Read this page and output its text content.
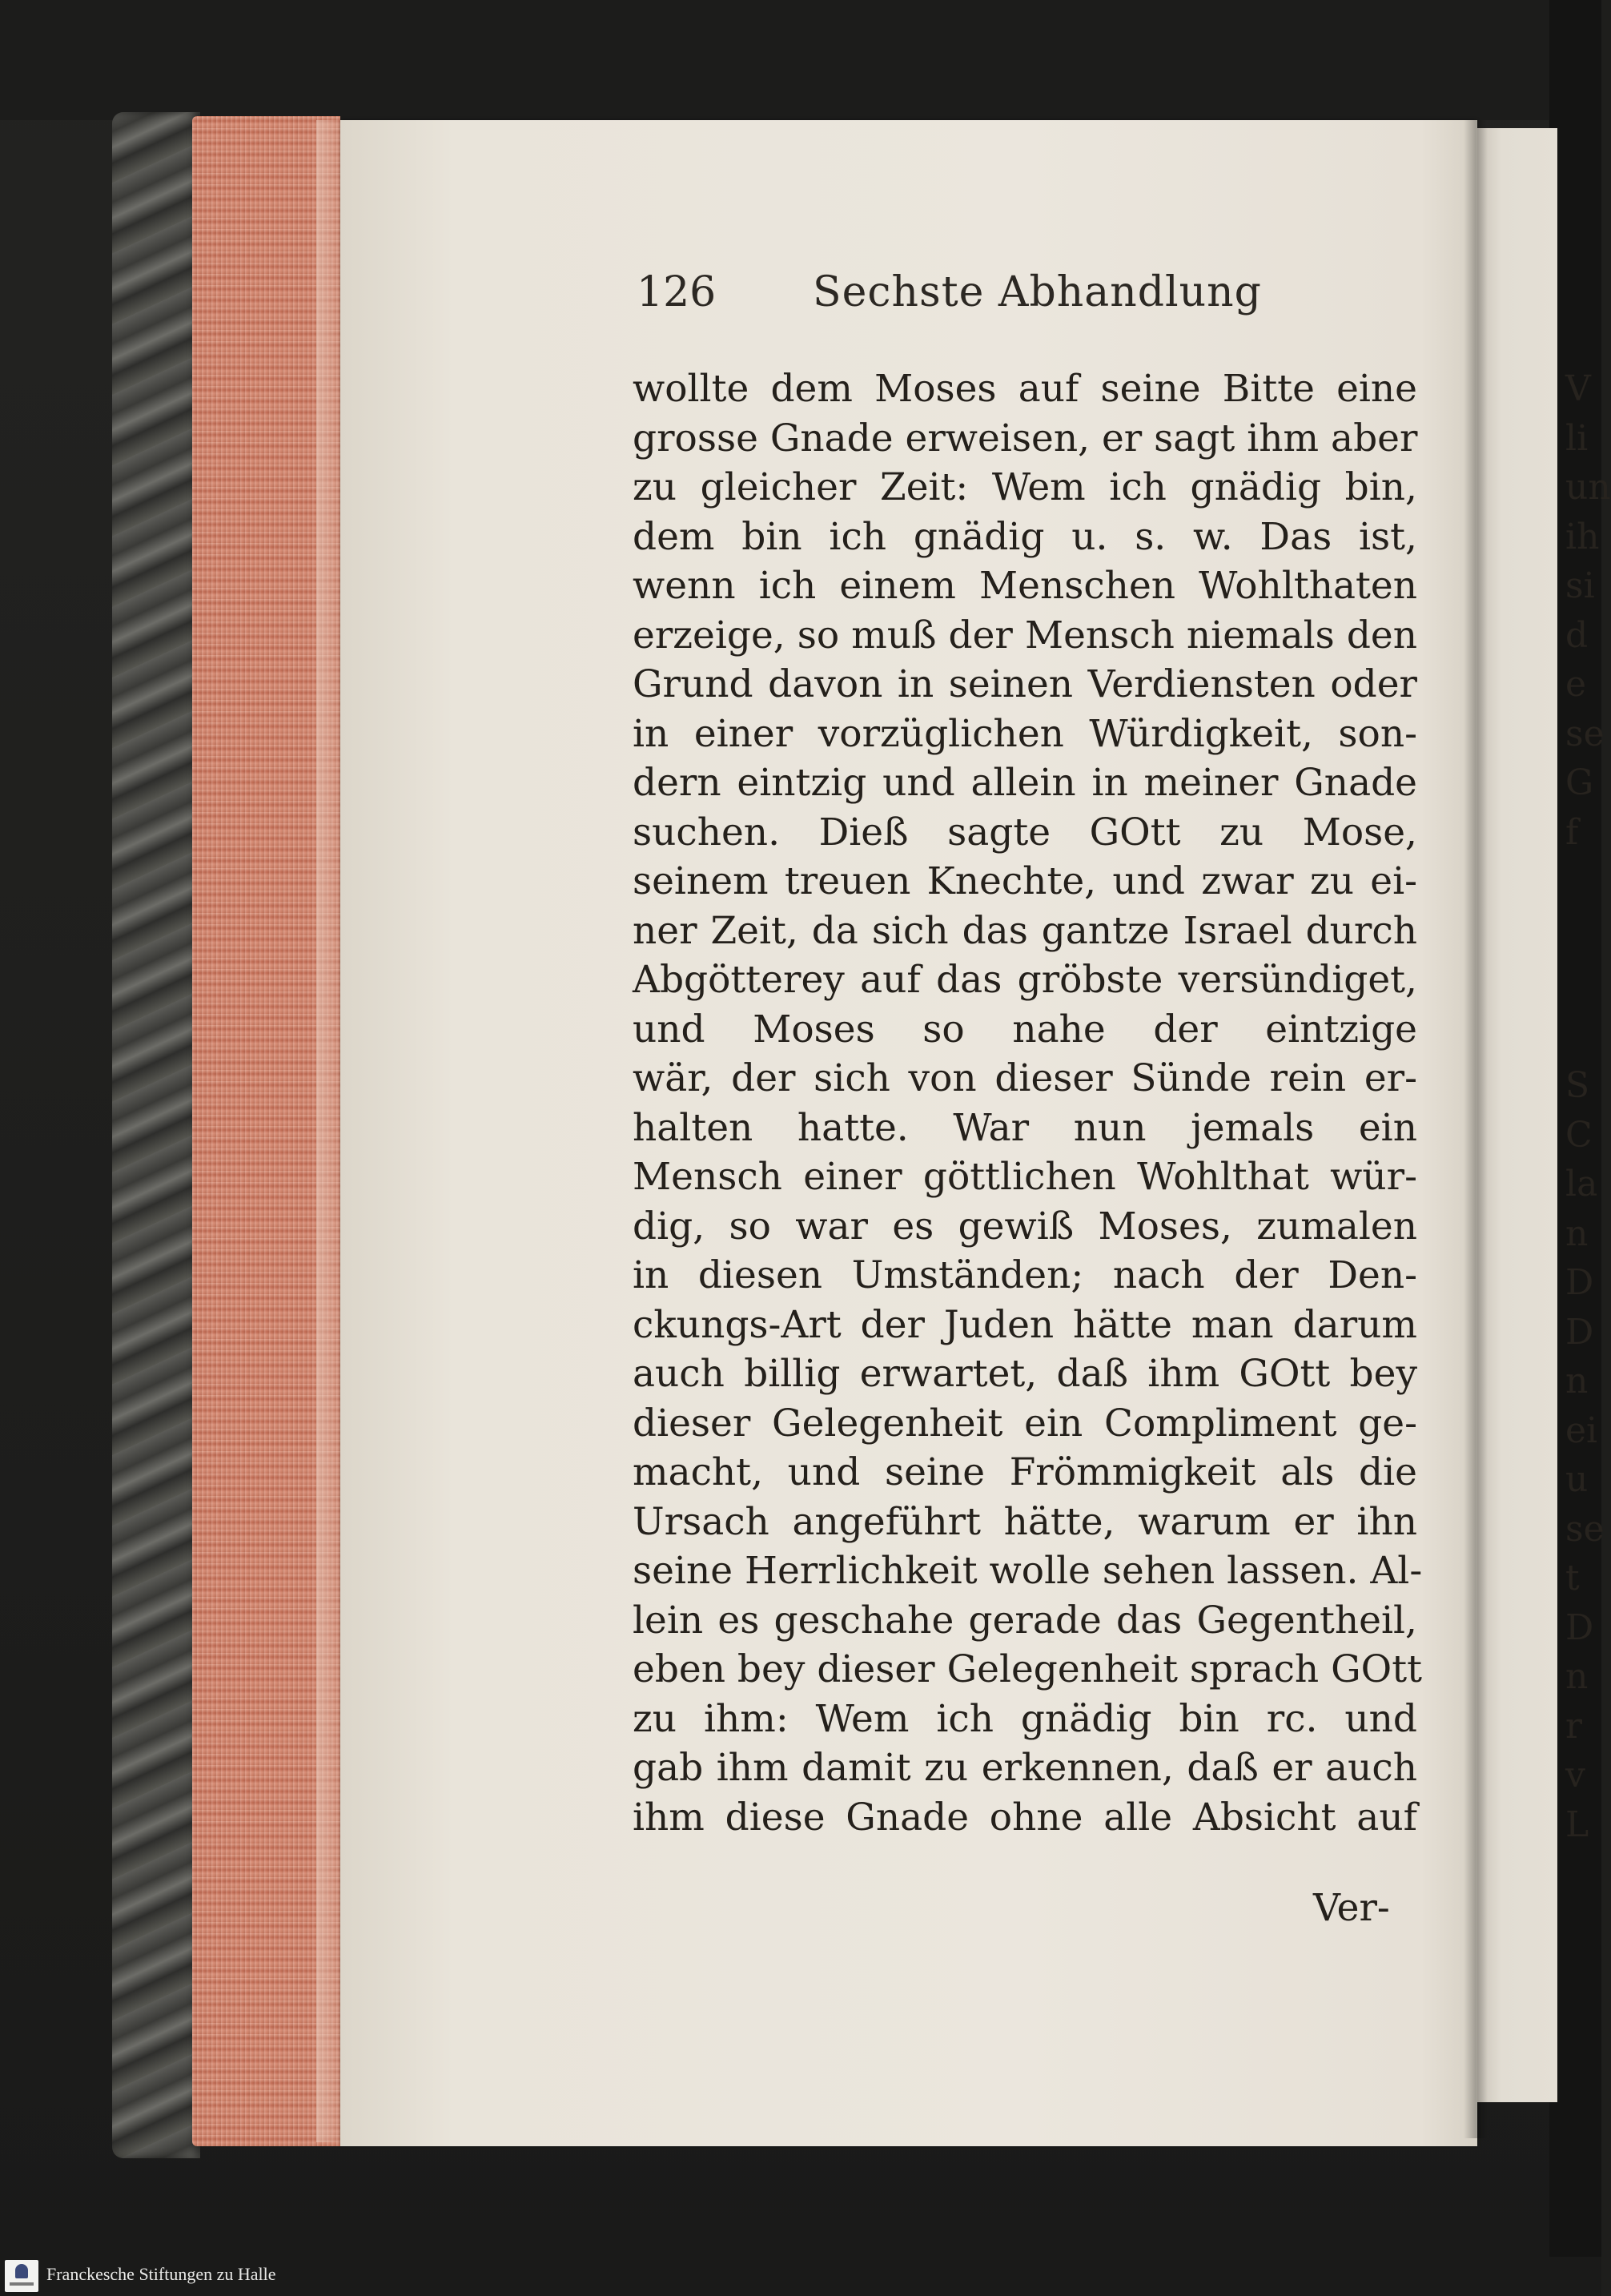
126 Sechste Abhandlung
wollte dem Moses auf seine Bitte eine
grosse Gnade erweisen, er sagt ihm aber
zu gleicher Zeit: Wem ich gnädig bin,
dem bin ich gnädig u. s. w. Das ist,
wenn ich einem Menschen Wohlthaten
erzeige, so muß der Mensch niemals den
Grund davon in seinen Verdiensten oder
in einer vorzüglichen Würdigkeit, son-
dern eintzig und allein in meiner Gnade
suchen. Dieß sagte GOtt zu Mose,
seinem treuen Knechte, und zwar zu ei-
ner Zeit, da sich das gantze Israel durch
Abgötterey auf das gröbste versündiget,
und Moses so nahe der eintzige
wär, der sich von dieser Sünde rein er-
halten hatte. War nun jemals ein
Mensch einer göttlichen Wohlthat wür-
dig, so war es gewiß Moses, zumalen
in diesen Umständen; nach der Den-
ckungs-Art der Juden hätte man darum
auch billig erwartet, daß ihm GOtt bey
dieser Gelegenheit ein Compliment ge-
macht, und seine Frömmigkeit als die
Ursach angeführt hätte, warum er ihn
seine Herrlichkeit wolle sehen lassen. Al-
lein es geschahe gerade das Gegentheil,
eben bey dieser Gelegenheit sprach GOtt
zu ihm: Wem ich gnädig bin rc. und
gab ihm damit zu erkennen, daß er auch
ihm diese Gnade ohne alle Absicht auf
Ver-
V
li
un
ih
si
d
e
se
G
f
S
C
la
n
D
D
n
ei
u
se
t
D
n
r
v
L
Franckesche Stiftungen zu Halle
